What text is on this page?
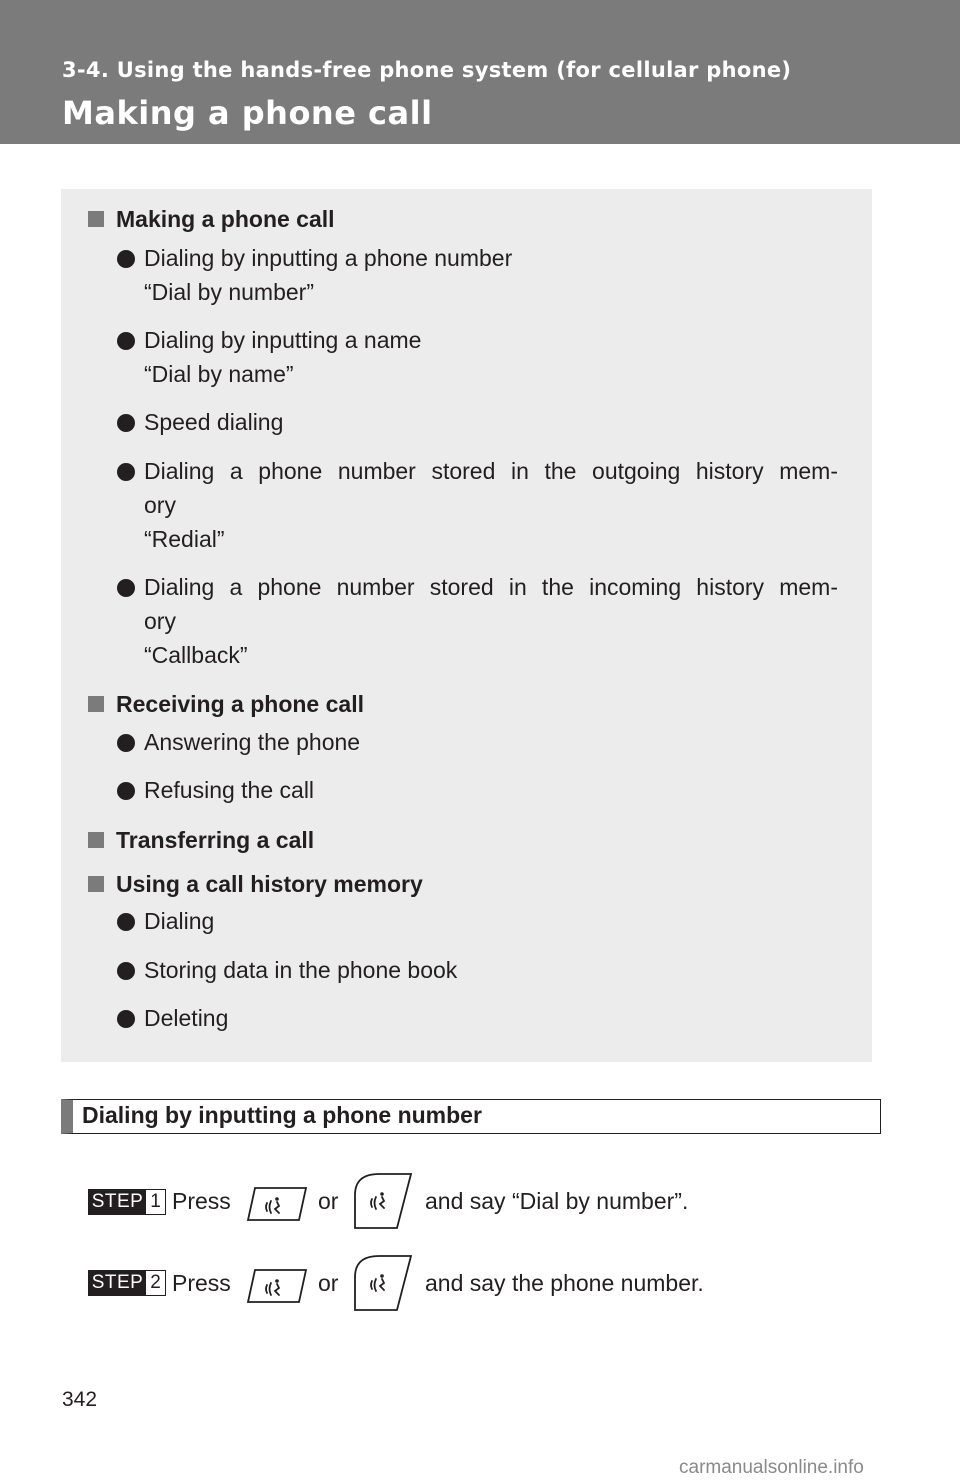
3-4. Using the hands-free phone system (for cellular phone)
Making a phone call
Making a phone call
Dialing by inputting a phone number
“Dial by number”
Dialing by inputting a name
“Dial by name”
Speed dialing
Dialing a phone number stored in the outgoing history mem-
ory
“Redial”
Dialing a phone number stored in the incoming history mem-
ory
“Callback”
Receiving a phone call
Answering the phone
Refusing the call
Transferring a call
Using a call history memory
Dialing
Storing data in the phone book
Deleting
Dialing by inputting a phone number
STEP 1 Press	or	and say “Dial by number”.
STEP 2 Press	or	and say the phone number.
342
carmanualsonline.info
